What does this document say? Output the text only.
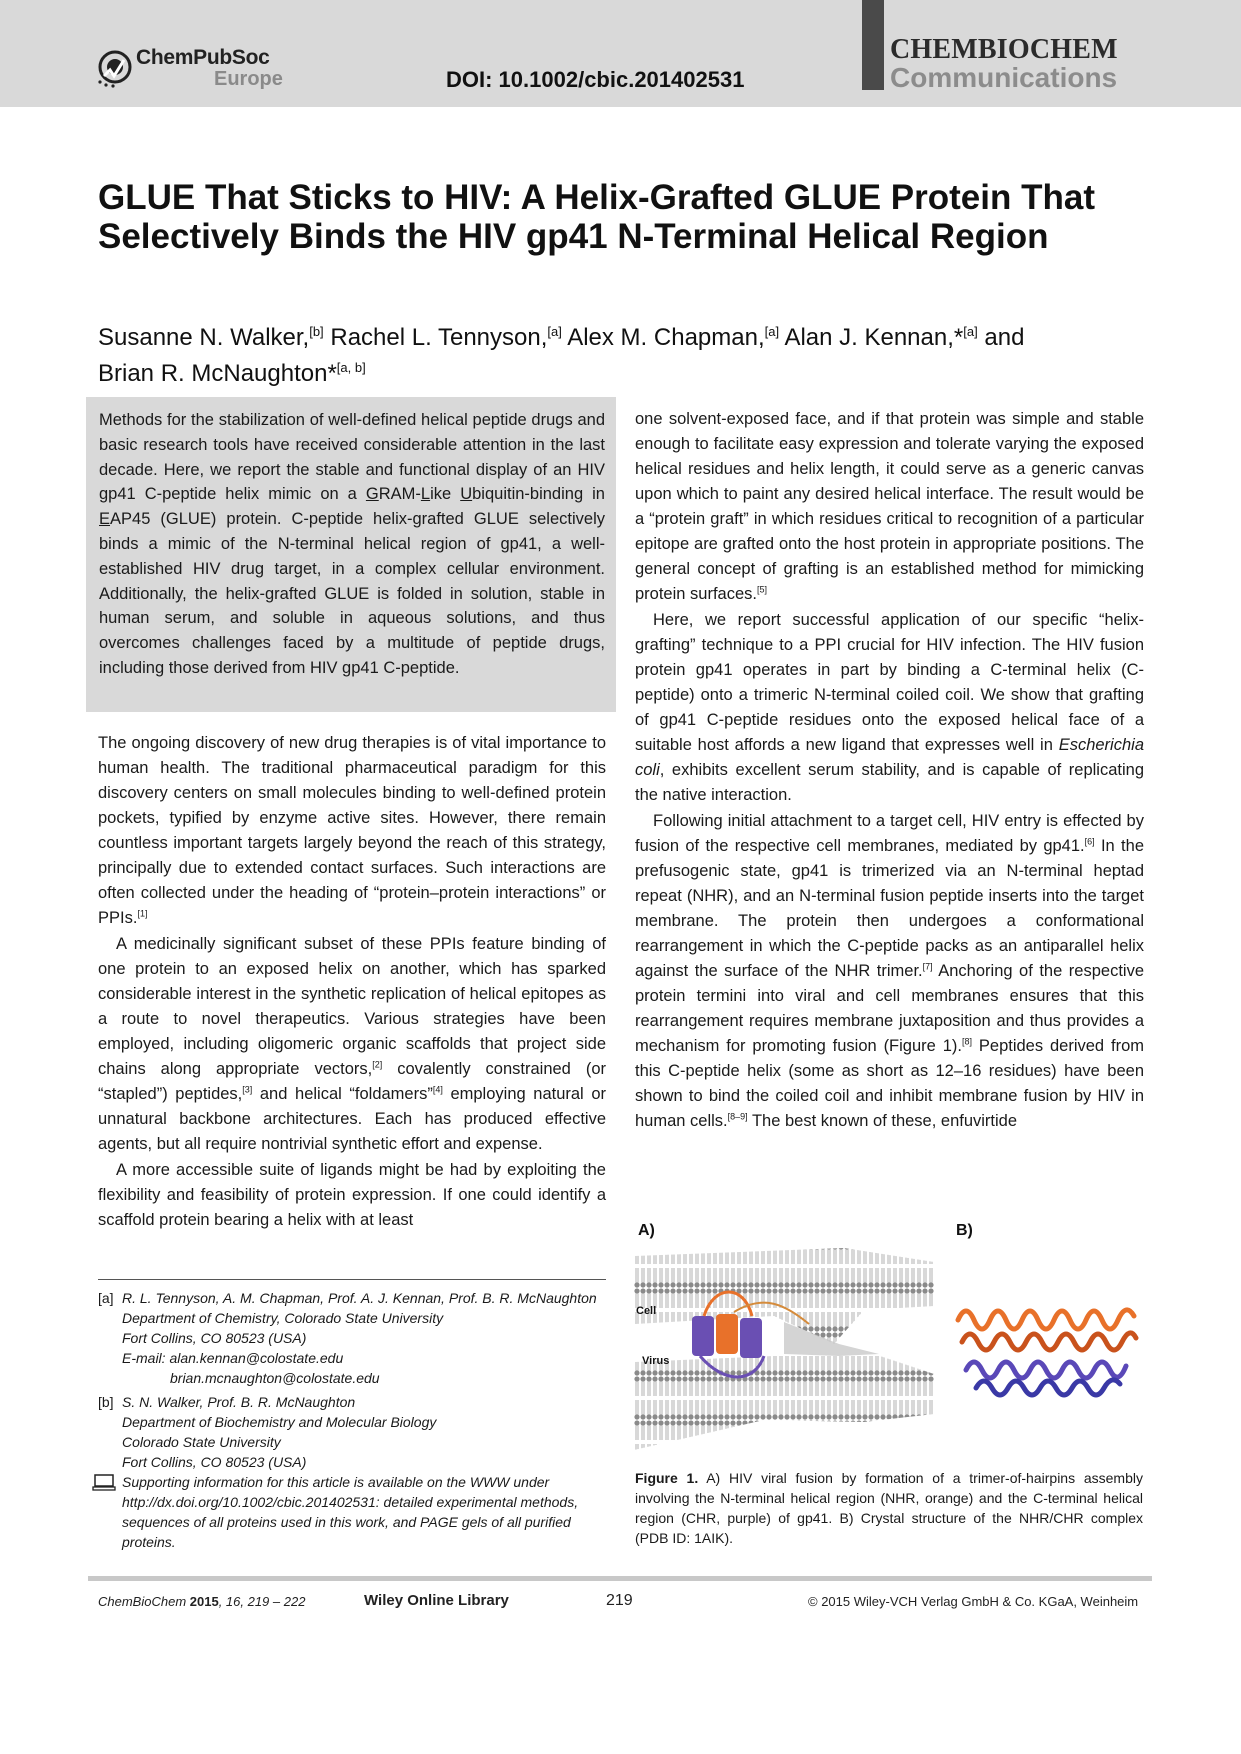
ChemPubSoc
Europe	DOI: 10.1002/cbic.201402531
CHEMBIOCHEM
Communications
GLUE That Sticks to HIV: A Helix-Grafted GLUE Protein That Selectively Binds the HIV gp41 N-Terminal Helical Region
Susanne N. Walker,[b] Rachel L. Tennyson,[a] Alex M. Chapman,[a] Alan J. Kennan,*[a] and
Brian R. McNaughton*[a, b]
Methods for the stabilization of well-defined helical peptide drugs and basic research tools have received considerable attention in the last decade. Here, we report the stable and functional display of an HIV gp41 C-peptide helix mimic on a GRAM-Like Ubiquitin-binding in EAP45 (GLUE) protein. C-peptide helix-grafted GLUE selectively binds a mimic of the N-terminal helical region of gp41, a well-established HIV drug target, in a complex cellular environment. Additionally, the helix-grafted GLUE is folded in solution, stable in human serum, and soluble in aqueous solutions, and thus overcomes challenges faced by a multitude of peptide drugs, including those derived from HIV gp41 C-peptide.

The ongoing discovery of new drug therapies is of vital importance to human health. The traditional pharmaceutical paradigm for this discovery centers on small molecules binding to well-defined protein pockets, typified by enzyme active sites. However, there remain countless important targets largely beyond the reach of this strategy, principally due to extended contact surfaces. Such interactions are often collected under the heading of “protein–protein interactions” or PPIs.[1]

A medicinally significant subset of these PPIs feature binding of one protein to an exposed helix on another, which has sparked considerable interest in the synthetic replication of helical epitopes as a route to novel therapeutics. Various strategies have been employed, including oligomeric organic scaffolds that project side chains along appropriate vectors,[2] covalently constrained (or “stapled”) peptides,[3] and helical “foldamers”[4] employing natural or unnatural backbone architectures. Each has produced effective agents, but all require nontrivial synthetic effort and expense.

A more accessible suite of ligands might be had by exploiting the flexibility and feasibility of protein expression. If one could identify a scaffold protein bearing a helix with at least

one solvent-exposed face, and if that protein was simple and stable enough to facilitate easy expression and tolerate varying the exposed helical residues and helix length, it could serve as a generic canvas upon which to paint any desired helical interface. The result would be a “protein graft” in which residues critical to recognition of a particular epitope are grafted onto the host protein in appropriate positions. The general concept of grafting is an established method for mimicking protein surfaces.[5]

Here, we report successful application of our specific “helix-grafting” technique to a PPI crucial for HIV infection. The HIV fusion protein gp41 operates in part by binding a C-terminal helix (C-peptide) onto a trimeric N-terminal coiled coil. We show that grafting of gp41 C-peptide residues onto the exposed helical face of a suitable host affords a new ligand that expresses well in Escherichia coli, exhibits excellent serum stability, and is capable of replicating the native interaction.

Following initial attachment to a target cell, HIV entry is effected by fusion of the respective cell membranes, mediated by gp41.[6] In the prefusogenic state, gp41 is trimerized via an N-terminal heptad repeat (NHR), and an N-terminal fusion peptide inserts into the target membrane. The protein then undergoes a conformational rearrangement in which the C-peptide packs as an antiparallel helix against the surface of the NHR trimer.[7] Anchoring of the respective protein termini into viral and cell membranes ensures that this rearrangement requires membrane juxtaposition and thus provides a mechanism for promoting fusion (Figure 1).[8] Peptides derived from this C-peptide helix (some as short as 12–16 residues) have been shown to bind the coiled coil and inhibit membrane fusion by HIV in human cells.[8–9] The best known of these, enfuvirtide

[a] R. L. Tennyson, A. M. Chapman, Prof. A. J. Kennan, Prof. B. R. McNaughton
Department of Chemistry, Colorado State University
Fort Collins, CO 80523 (USA)
E-mail: alan.kennan@colostate.edu
brian.mcnaughton@colostate.edu
[b] S. N. Walker, Prof. B. R. McNaughton
Department of Biochemistry and Molecular Biology
Colorado State University
Fort Collins, CO 80523 (USA)
Supporting information for this article is available on the WWW under http://dx.doi.org/10.1002/cbic.201402531: detailed experimental methods, sequences of all proteins used in this work, and PAGE gels of all purified proteins.
A)	B)
Cell
Virus
Figure 1. A) HIV viral fusion by formation of a trimer-of-hairpins assembly involving the N-terminal helical region (NHR, orange) and the C-terminal helical region (CHR, purple) of gp41. B) Crystal structure of the NHR/CHR complex (PDB ID: 1AIK).
ChemBioChem 2015, 16, 219 – 222	Wiley Online Library	219	© 2015 Wiley-VCH Verlag GmbH & Co. KGaA, Weinheim
